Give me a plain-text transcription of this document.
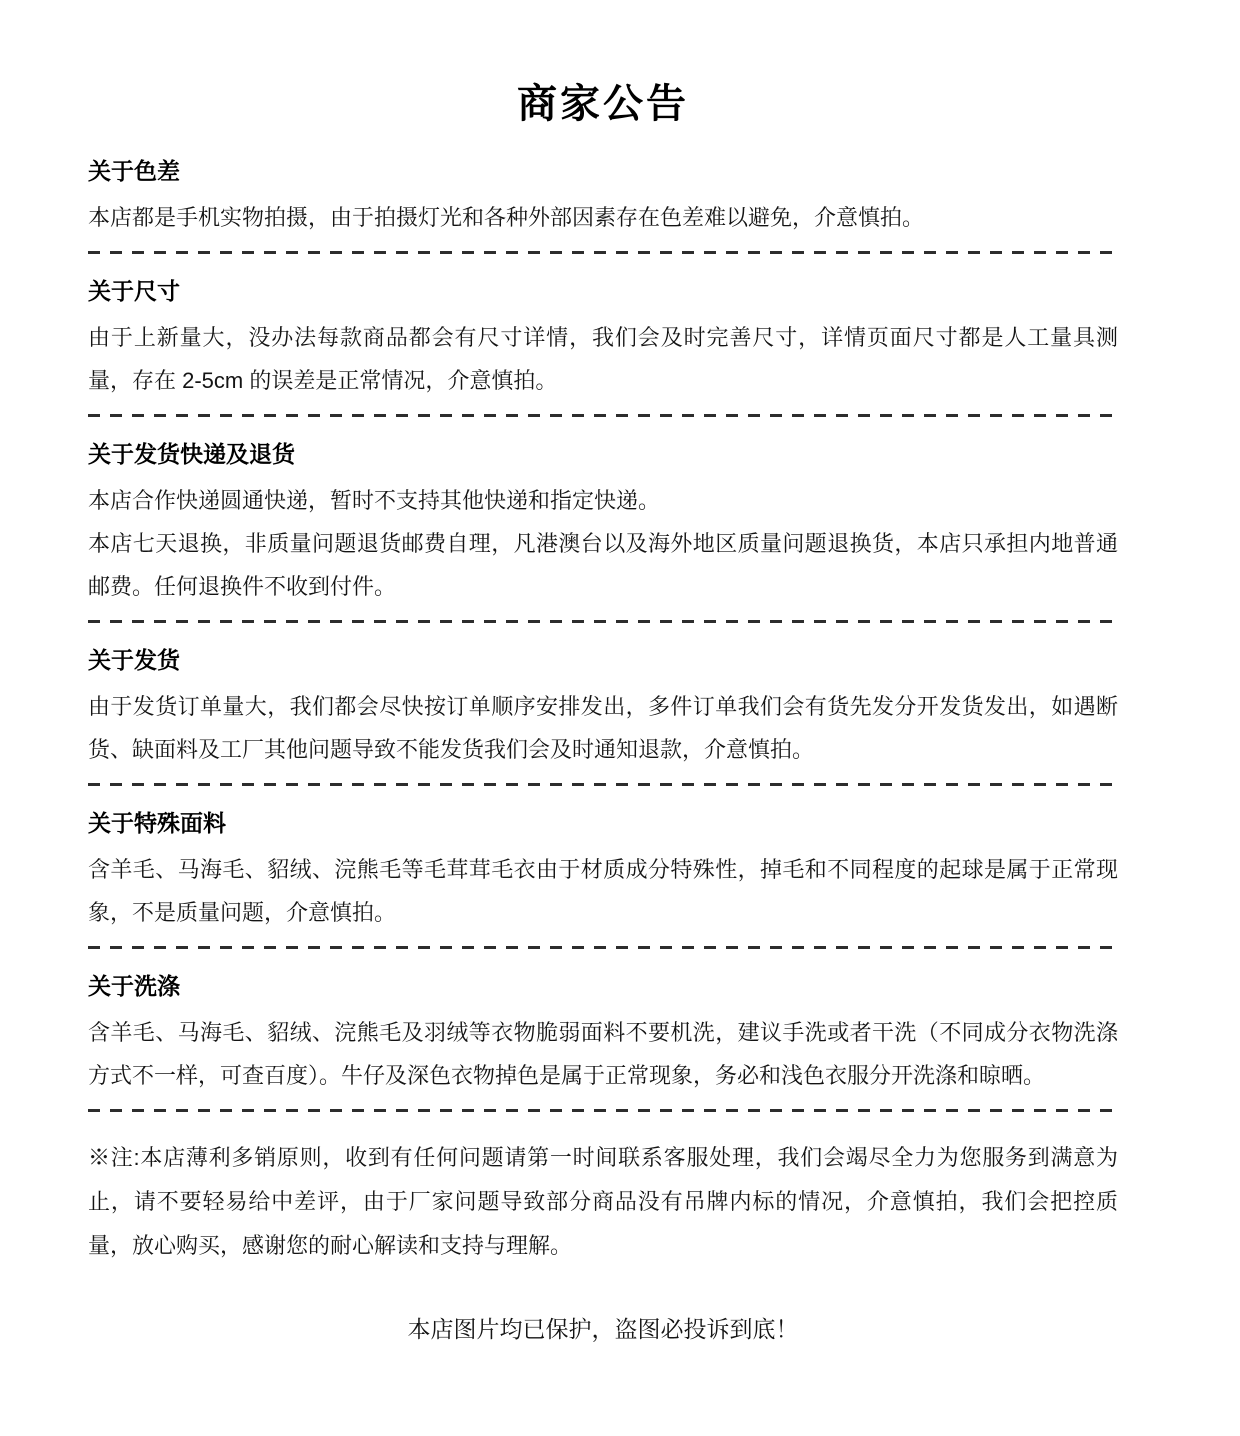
商家公告
关于色差

本店都是手机实物拍摄，由于拍摄灯光和各种外部因素存在色差难以避免，介意慎拍。

关于尺寸

由于上新量大，没办法每款商品都会有尺寸详情，我们会及时完善尺寸，详情页面尺寸都是人工量具测量，存在 2-5cm 的误差是正常情况，介意慎拍。

关于发货快递及退货

本店合作快递圆通快递，暂时不支持其他快递和指定快递。

本店七天退换，非质量问题退货邮费自理，凡港澳台以及海外地区质量问题退换货，本店只承担内地普通邮费。任何退换件不收到付件。

关于发货

由于发货订单量大，我们都会尽快按订单顺序安排发出，多件订单我们会有货先发分开发货发出，如遇断货、缺面料及工厂其他问题导致不能发货我们会及时通知退款，介意慎拍。

关于特殊面料

含羊毛、马海毛、貂绒、浣熊毛等毛茸茸毛衣由于材质成分特殊性，掉毛和不同程度的起球是属于正常现象，不是质量问题，介意慎拍。

关于洗涤

含羊毛、马海毛、貂绒、浣熊毛及羽绒等衣物脆弱面料不要机洗，建议手洗或者干洗（不同成分衣物洗涤方式不一样，可查百度）。牛仔及深色衣物掉色是属于正常现象，务必和浅色衣服分开洗涤和晾晒。

※注:本店薄利多销原则，收到有任何问题请第一时间联系客服处理，我们会竭尽全力为您服务到满意为止，请不要轻易给中差评，由于厂家问题导致部分商品没有吊牌内标的情况，介意慎拍，我们会把控质量，放心购买，感谢您的耐心解读和支持与理解。

本店图片均已保护，盗图必投诉到底！
